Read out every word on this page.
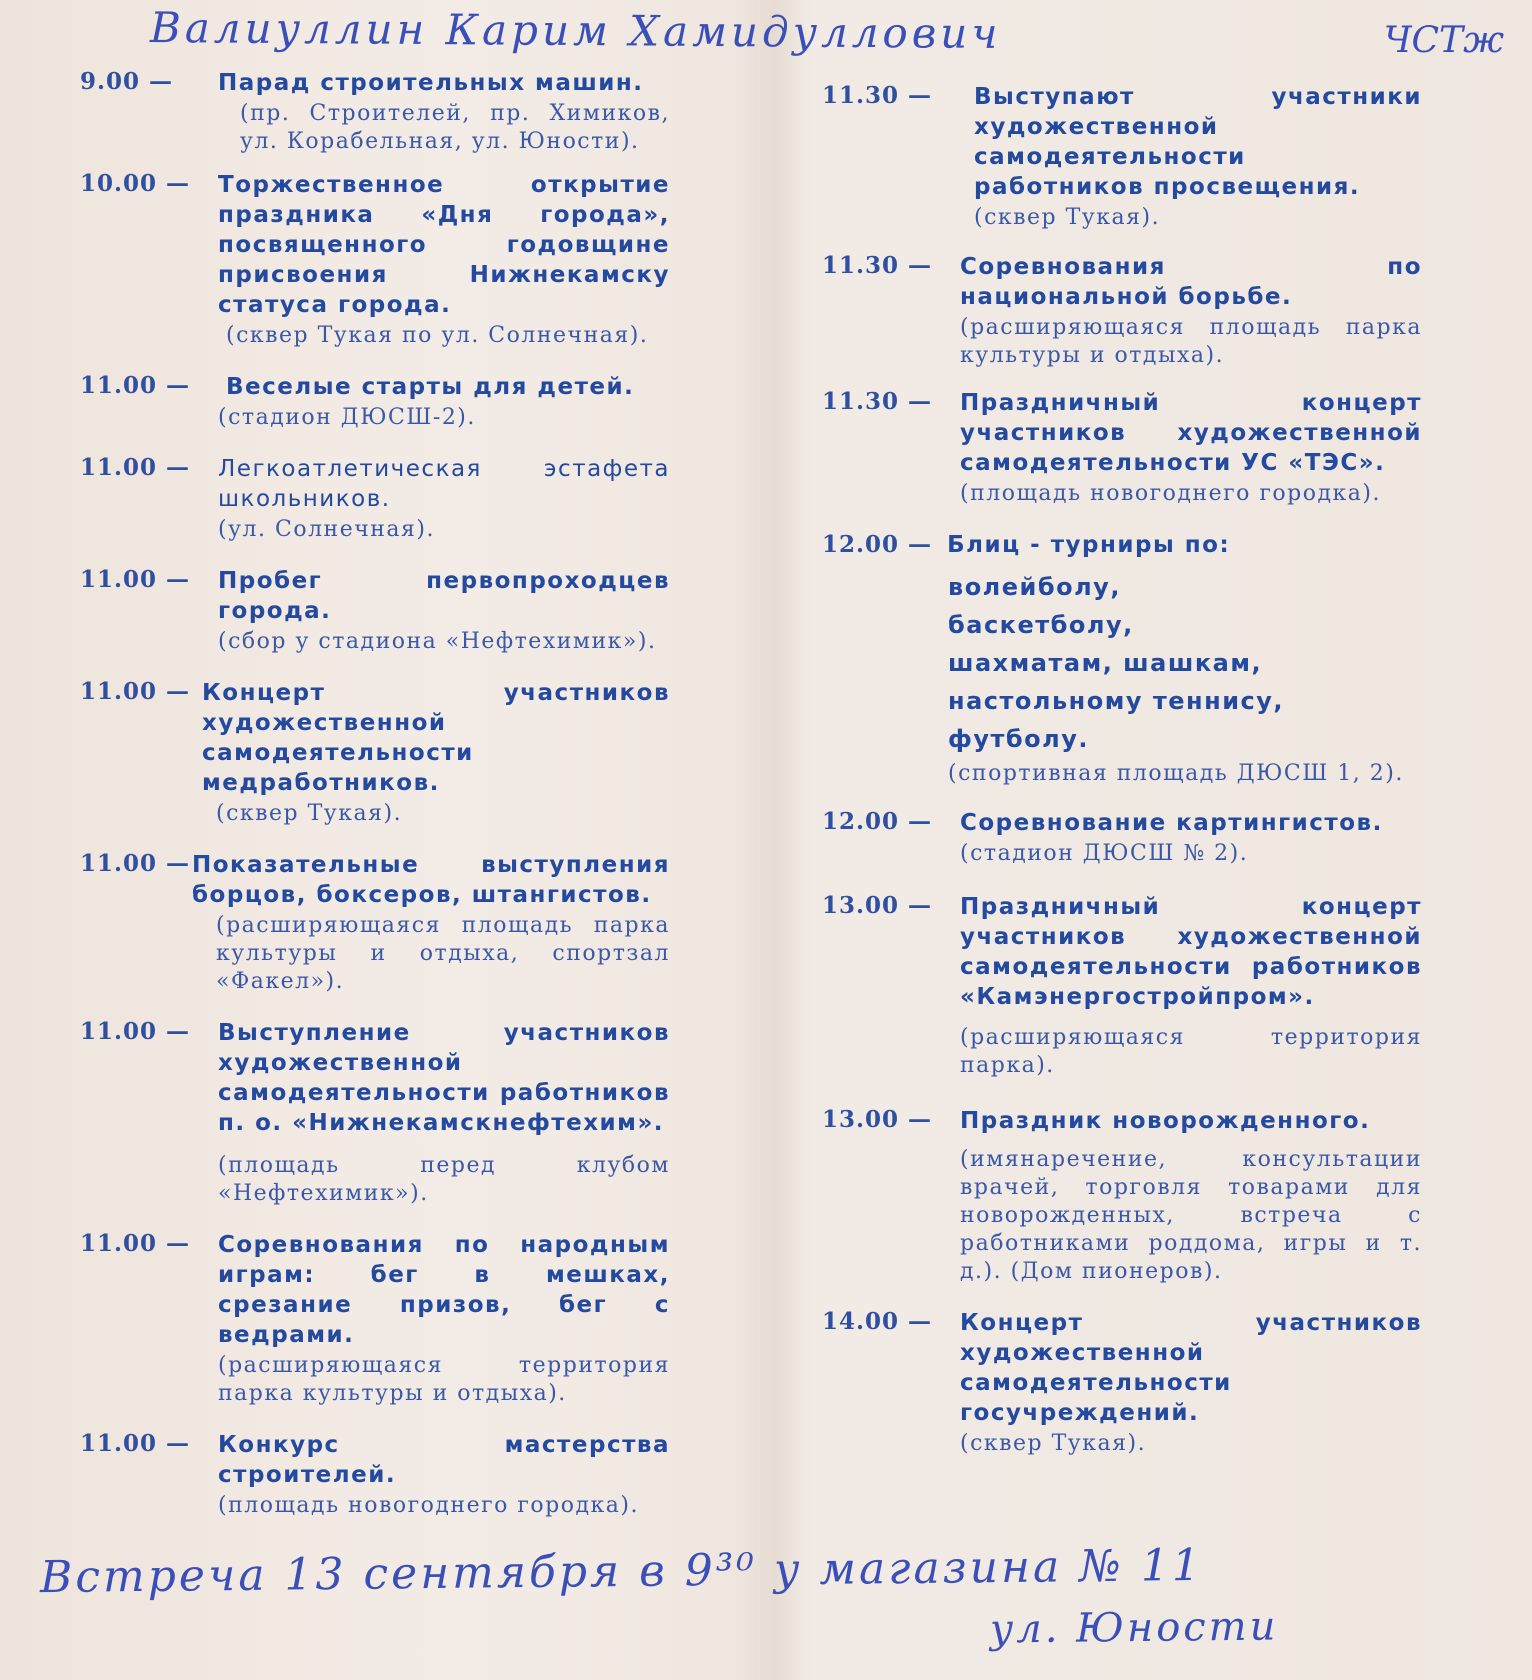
Валиуллин Карим Хамидуллович	ЧСТж
9.00 — Парад строительных машин.
(пр. Строителей, пр. Химиков, ул. Корабельная, ул. Юности).
10.00 — Торжественное открытие праздника «Дня города», посвященного годовщине присвоения Нижнекамску статуса города.
(сквер Тукая по ул. Солнечная).
11.00 —	Веселые старты для детей.
(стадион ДЮСШ-2).
11.00 — Легкоатлетическая эстафета школьников.
(ул. Солнечная).
11.00 — Пробег первопроходцев города.
(сбор у стадиона «Нефтехимик»).
11.00 — Концерт участников художественной самодеятельности медработников.
(сквер Тукая).
11.00 — Показательные выступления борцов, боксеров, штангистов.
(расширяющаяся площадь парка культуры и отдыха, спортзал «Факел»).
11.00 — Выступление участников художественной самодеятельности работников п. о. «Нижнекамскнефтехим».
(площадь перед клубом «Нефтехимик»).
11.00 — Соревнования по народным играм: бег в мешках, срезание призов, бег с ведрами.
(расширяющаяся территория парка культуры и отдыха).
11.00 — Конкурс мастерства строителей.
(площадь новогоднего городка).
11.30 — Выступают участники художественной самодеятельности работников просвещения.
(сквер Тукая).
11.30 — Соревнования по национальной борьбе.
(расширяющаяся площадь парка культуры и отдыха).
11.30 — Праздничный концерт участников художественной самодеятельности УС «ТЭС».
(площадь новогоднего городка).
12.00 — Блиц - турниры по:
волейболу,
баскетболу,
шахматам, шашкам,
настольному теннису,
футболу.
(спортивная площадь ДЮСШ 1, 2).
12.00 — Соревнование картингистов.
(стадион ДЮСШ № 2).
13.00 — Праздничный концерт участников художественной самодеятельности работников «Камэнергостройпром».
(расширяющаяся территория парка).
13.00 — Праздник новорожденного.
(имянаречение, консультации врачей, торговля товарами для новорожденных, встреча с работниками роддома, игры и т. д.). (Дом пионеров).
14.00 — Концерт участников художественной самодеятельности госучреждений.
(сквер Тукая).
Встреча 13 сентября в 9³⁰ у магазина № 11
ул. Юности
